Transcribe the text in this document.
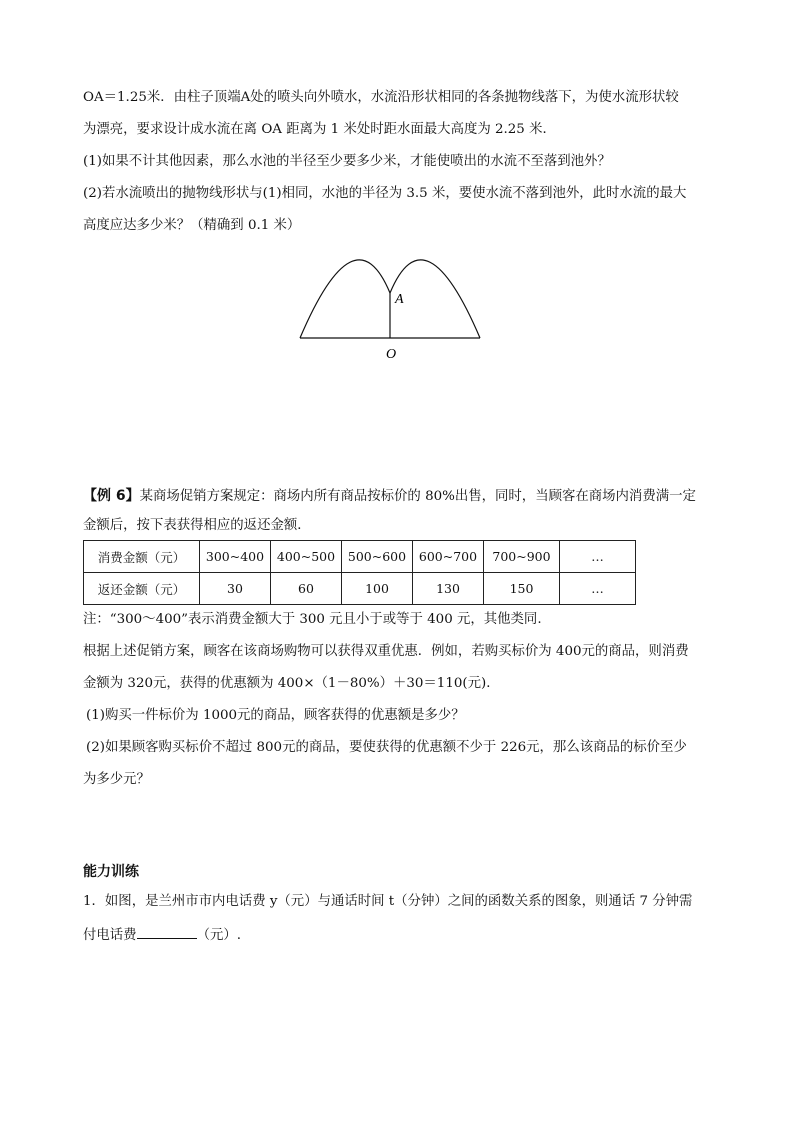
OA＝1.25米．由柱子顶端A处的喷头向外喷水，水流沿形状相同的各条抛物线落下，为使水流形状较
为漂亮，要求设计成水流在离 OA 距离为 1 米处时距水面最大高度为 2.25 米．
(1)如果不计其他因素，那么水池的半径至少要多少米，才能使喷出的水流不至落到池外？
(2)若水流喷出的抛物线形状与(1)相同，水池的半径为 3.5 米，要使水流不落到池外，此时水流的最大
高度应达多少米？（精确到 0.1 米）
A
O
【例 6】某商场促销方案规定：商场内所有商品按标价的 80%出售，同时，当顾客在商场内消费满一定
金额后，按下表获得相应的返还金额．
消费金额（元）	300~400	400~500	500~600	600~700	700~900	…
返还金额（元）	30	60	100	130	150	…
注：“300～400”表示消费金额大于 300 元且小于或等于 400 元，其他类同.
根据上述促销方案，顾客在该商场购物可以获得双重优惠．例如，若购买标价为 400元的商品，则消费
金额为 320元，获得的优惠额为 400×（1－80%）＋30＝110(元)．
(1)购买一件标价为 1000元的商品，顾客获得的优惠额是多少？
(2)如果顾客购买标价不超过 800元的商品，要使获得的优惠额不少于 226元，那么该商品的标价至少
为多少元？
能力训练
1．如图，是兰州市市内电话费 y（元）与通话时间 t（分钟）之间的函数关系的图象，则通话 7 分钟需
付电话费	（元）.
